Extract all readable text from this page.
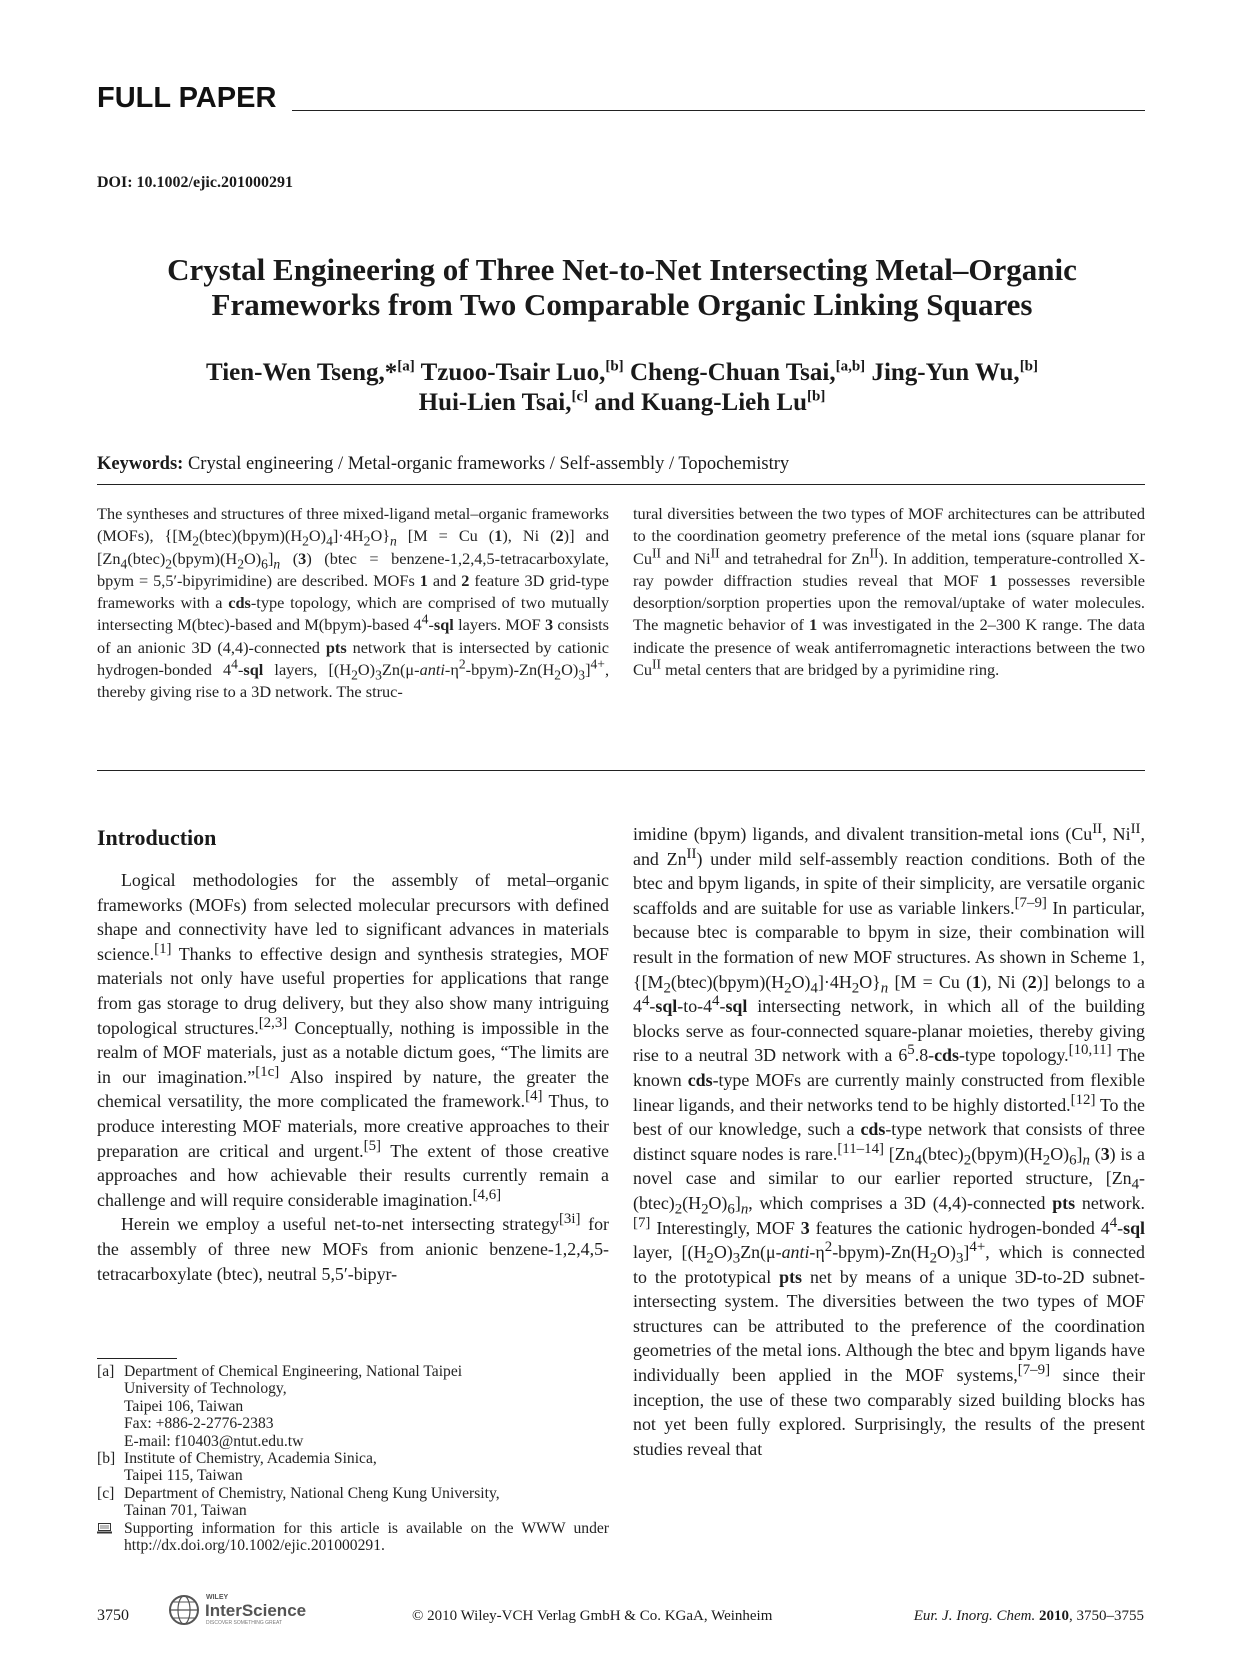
FULL PAPER
DOI: 10.1002/ejic.201000291
Crystal Engineering of Three Net-to-Net Intersecting Metal–Organic
Frameworks from Two Comparable Organic Linking Squares
Tien-Wen Tseng,*[a] Tzuoo-Tsair Luo,[b] Cheng-Chuan Tsai,[a,b] Jing-Yun Wu,[b]
Hui-Lien Tsai,[c] and Kuang-Lieh Lu[b]
Keywords: Crystal engineering / Metal-organic frameworks / Self-assembly / Topochemistry
The syntheses and structures of three mixed-ligand metal–organic frameworks (MOFs), $\{[M_2(btec)(bpym)(H_2O)_4]\cdot 4H_2O\}_n$ [M = Cu (1), Ni (2)] and $[Zn_4(btec)_2(bpym)(H_2O)_6]_n$ (3) (btec = benzene-1,2,4,5-tetracarboxylate, bpym = 5,5′-bipyrimidine) are described. MOFs 1 and 2 feature 3D grid-type frameworks with a cds-type topology, which are comprised of two mutually intersecting M(btec)-based and M(bpym)-based $4^4$-sql layers. MOF 3 consists of an anionic 3D (4,4)-connected pts network that is intersected by cationic hydrogen-bonded $4^4$-sql layers, $[(H_2O)_3Zn(\mu-anti-\eta^2-bpym)-Zn(H_2O)_3]^{4+}$, thereby giving rise to a 3D network. The struc-
tural diversities between the two types of MOF architectures can be attributed to the coordination geometry preference of the metal ions (square planar for $Cu^{II}$ and $Ni^{II}$ and tetrahedral for $Zn^{II}$). In addition, temperature-controlled X-ray powder diffraction studies reveal that MOF 1 possesses reversible desorption/sorption properties upon the removal/uptake of water molecules. The magnetic behavior of 1 was investigated in the 2–300 K range. The data indicate the presence of weak antiferromagnetic interactions between the two $Cu^{II}$ metal centers that are bridged by a pyrimidine ring.
Introduction

Logical methodologies for the assembly of metal–organic frameworks (MOFs) from selected molecular precursors with defined shape and connectivity have led to significant advances in materials science.[1] Thanks to effective design and synthesis strategies, MOF materials not only have useful properties for applications that range from gas storage to drug delivery, but they also show many intriguing topological structures.[2,3] Conceptually, nothing is impossible in the realm of MOF materials, just as a notable dictum goes, “The limits are in our imagination.”[1c] Also inspired by nature, the greater the chemical versatility, the more complicated the framework.[4] Thus, to produce interesting MOF materials, more creative approaches to their preparation are critical and urgent.[5] The extent of those creative approaches and how achievable their results currently remain a challenge and will require considerable imagination.[4,6]

Herein we employ a useful net-to-net intersecting strategy[3i] for the assembly of three new MOFs from anionic benzene-1,2,4,5-tetracarboxylate (btec), neutral 5,5′-bipyr-

imidine (bpym) ligands, and divalent transition-metal ions ($Cu^{II}$, $Ni^{II}$, and $Zn^{II}$) under mild self-assembly reaction conditions. Both of the btec and bpym ligands, in spite of their simplicity, are versatile organic scaffolds and are suitable for use as variable linkers.[7–9] In particular, because btec is comparable to bpym in size, their combination will result in the formation of new MOF structures. As shown in Scheme 1, $\{[M_2(btec)(bpym)(H_2O)_4]\cdot 4H_2O\}_n$ [M = Cu (1), Ni (2)] belongs to a $4^4-sql-to-4^4$-sql intersecting network, in which all of the building blocks serve as four-connected square-planar moieties, thereby giving rise to a neutral 3D network with a $6^5.8-cds$-type topology.[10,11] The known cds-type MOFs are currently mainly constructed from flexible linear ligands, and their networks tend to be highly distorted.[12] To the best of our knowledge, such a cds-type network that consists of three distinct square nodes is rare.[11–14] $[Zn_4(btec)_2(bpym)(H_2O)_6]_n$ (3) is a novel case and similar to our earlier reported structure, $[Zn_4-(btec)_2(H_2O)_6]_n$, which comprises a 3D (4,4)-connected pts network.[7] Interestingly, MOF 3 features the cationic hydrogen-bonded $4^4$-sql layer, $[(H_2O)_3Zn(\mu-anti-\eta^2-bpym)-Zn(H_2O)_3]^{4+}$, which is connected to the prototypical pts net by means of a unique 3D-to-2D subnet-intersecting system. The diversities between the two types of MOF structures can be attributed to the preference of the coordination geometries of the metal ions. Although the btec and bpym ligands have individually been applied in the MOF systems,[7–9] since their inception, the use of these two comparably sized building blocks has not yet been fully explored. Surprisingly, the results of the present studies reveal that

[a] Department of Chemical Engineering, National Taipei
University of Technology,
Taipei 106, Taiwan
Fax: +886-2-2776-2383
E-mail: f10403@ntut.edu.tw
[b] Institute of Chemistry, Academia Sinica,
Taipei 115, Taiwan
[c] Department of Chemistry, National Cheng Kung University,
Tainan 701, Taiwan
Supporting information for this article is available on the WWW under http://dx.doi.org/10.1002/ejic.201000291.
3750
WILEY
InterScience
DISCOVER SOMETHING GREAT	© 2010 Wiley-VCH Verlag GmbH & Co. KGaA, Weinheim	Eur. J. Inorg. Chem. 2010, 3750–3755
